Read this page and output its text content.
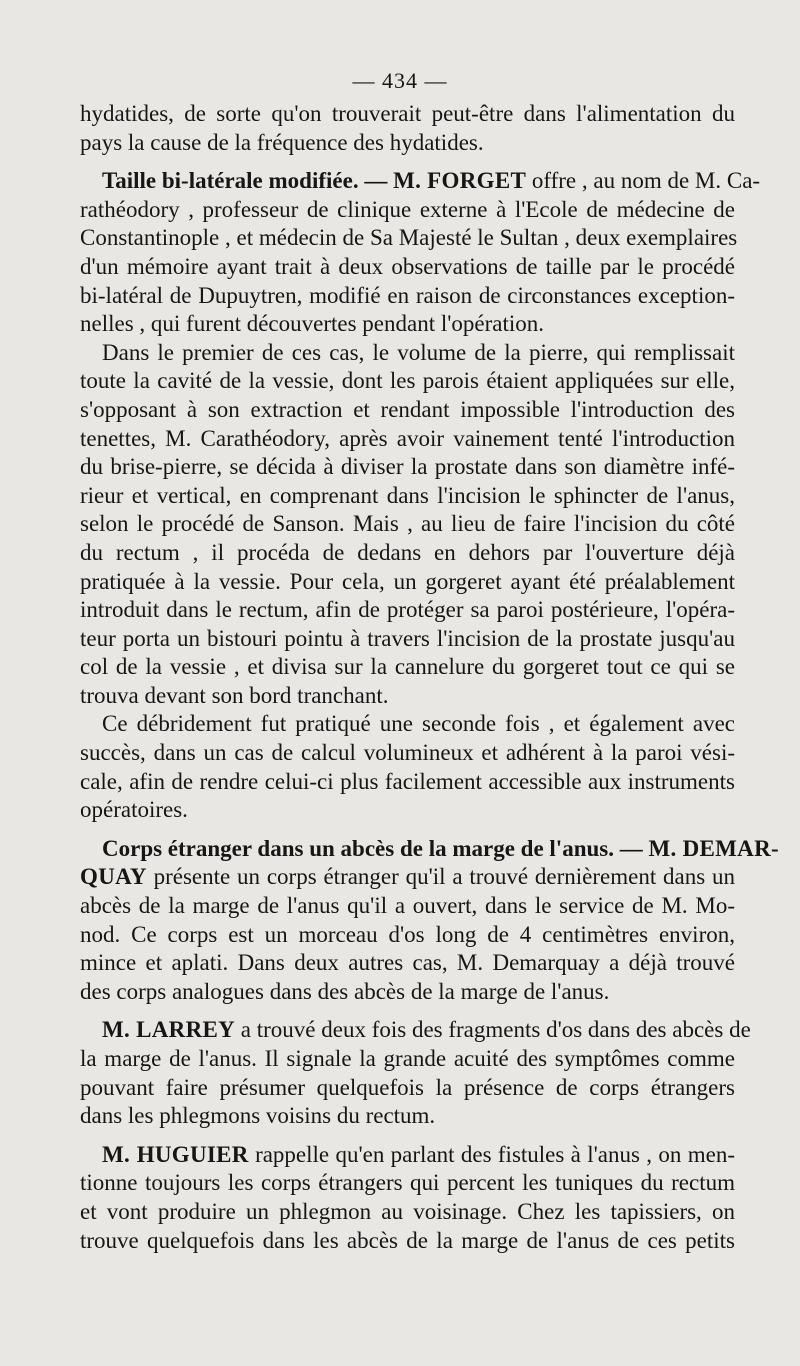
— 434 —
hydatides, de sorte qu'on trouverait peut-être dans l'alimentation du
pays la cause de la fréquence des hydatides.
Taille bi-latérale modifiée. — M. FORGET offre , au nom de M. Ca-
rathéodory , professeur de clinique externe à l'Ecole de médecine de
Constantinople , et médecin de Sa Majesté le Sultan , deux exemplaires
d'un mémoire ayant trait à deux observations de taille par le procédé
bi-latéral de Dupuytren, modifié en raison de circonstances exception-
nelles , qui furent découvertes pendant l'opération.
Dans le premier de ces cas, le volume de la pierre, qui remplissait
toute la cavité de la vessie, dont les parois étaient appliquées sur elle,
s'opposant à son extraction et rendant impossible l'introduction des
tenettes, M. Carathéodory, après avoir vainement tenté l'introduction
du brise-pierre, se décida à diviser la prostate dans son diamètre infé-
rieur et vertical, en comprenant dans l'incision le sphincter de l'anus,
selon le procédé de Sanson. Mais , au lieu de faire l'incision du côté
du rectum , il procéda de dedans en dehors par l'ouverture déjà
pratiquée à la vessie. Pour cela, un gorgeret ayant été préalablement
introduit dans le rectum, afin de protéger sa paroi postérieure, l'opéra-
teur porta un bistouri pointu à travers l'incision de la prostate jusqu'au
col de la vessie , et divisa sur la cannelure du gorgeret tout ce qui se
trouva devant son bord tranchant.
Ce débridement fut pratiqué une seconde fois , et également avec
succès, dans un cas de calcul volumineux et adhérent à la paroi vési-
cale, afin de rendre celui-ci plus facilement accessible aux instruments
opératoires.
Corps étranger dans un abcès de la marge de l'anus. — M. DEMAR-
QUAY présente un corps étranger qu'il a trouvé dernièrement dans un
abcès de la marge de l'anus qu'il a ouvert, dans le service de M. Mo-
nod. Ce corps est un morceau d'os long de 4 centimètres environ,
mince et aplati. Dans deux autres cas, M. Demarquay a déjà trouvé
des corps analogues dans des abcès de la marge de l'anus.
M. LARREY a trouvé deux fois des fragments d'os dans des abcès de
la marge de l'anus. Il signale la grande acuité des symptômes comme
pouvant faire présumer quelquefois la présence de corps étrangers
dans les phlegmons voisins du rectum.
M. HUGUIER rappelle qu'en parlant des fistules à l'anus , on men-
tionne toujours les corps étrangers qui percent les tuniques du rectum
et vont produire un phlegmon au voisinage. Chez les tapissiers, on
trouve quelquefois dans les abcès de la marge de l'anus de ces petits
